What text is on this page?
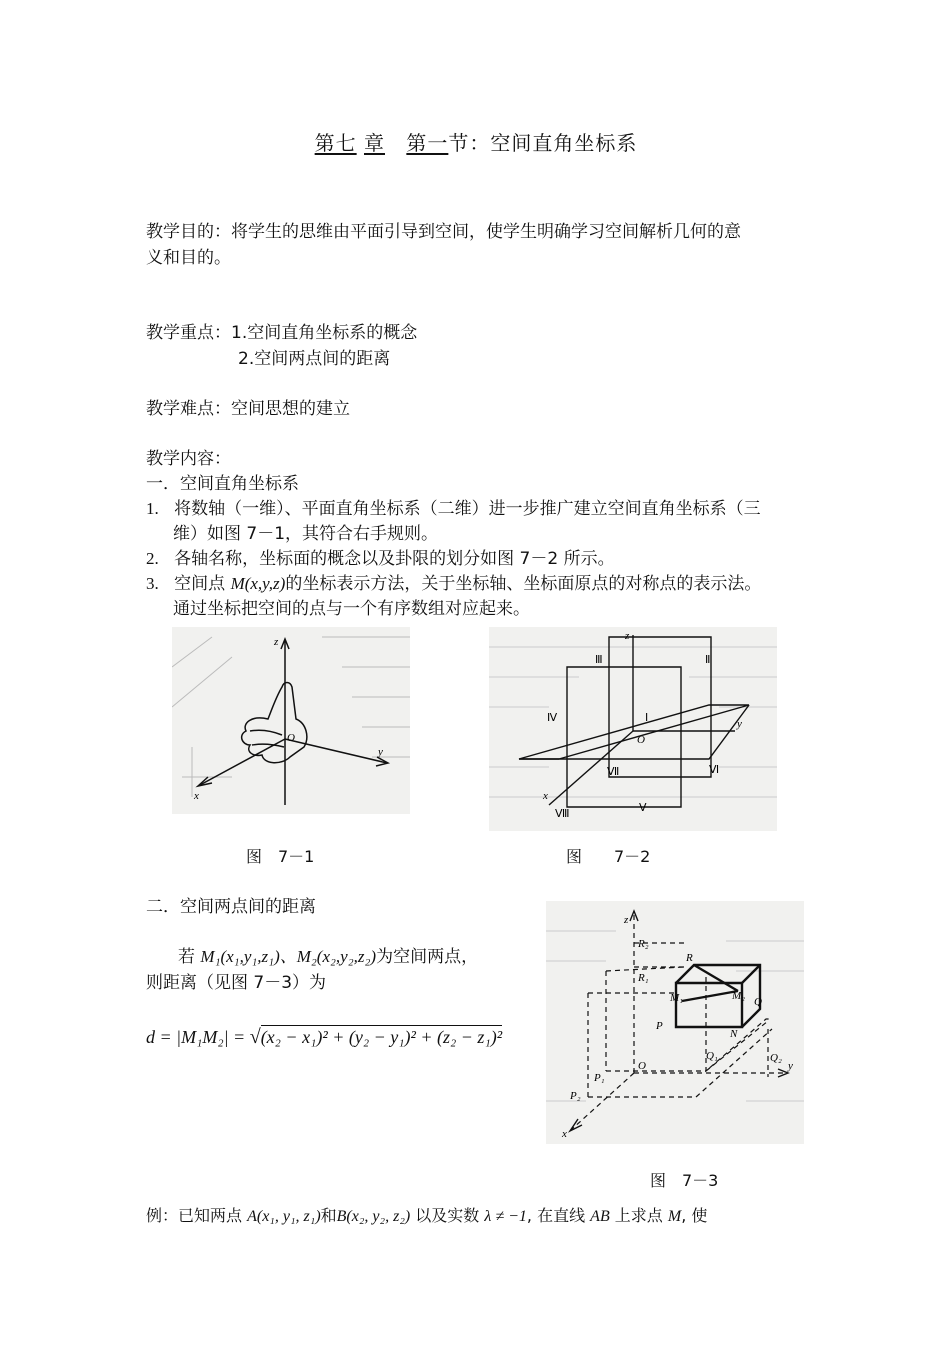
第七 章 第一节：空间直角坐标系
教学目的：将学生的思维由平面引导到空间，使学生明确学习空间解析几何的意
义和目的。
教学重点：1.空间直角坐标系的概念
2.空间两点间的距离
教学难点：空间思想的建立
教学内容：
一．空间直角坐标系
1. 将数轴（一维）、平面直角坐标系（二维）进一步推广建立空间直角坐标系（三
维）如图 7－1，其符合右手规则。
2. 各轴名称，坐标面的概念以及卦限的划分如图 7－2 所示。
3. 空间点 M(x,y,z)的坐标表示方法，关于坐标轴、坐标面原点的对称点的表示法。
通过坐标把空间的点与一个有序数组对应起来。
z
y
x
O
图　7－1
z
y
x
O
Ⅲ	Ⅱ
Ⅳ	Ⅰ
Ⅶ	Ⅵ
Ⅷ	Ⅴ
图　　7－2
二．空间两点间的距离
若 M₁(x₁,y₁,z₁)、M₂(x₂,y₂,z₂)为空间两点，
则距离（见图 7－3）为
d = |M₁M₂| = √(x₂ − x₁)² + (y₂ − y₁)² + (z₂ − z₁)²
z
y
x
O
R₂
R₁
R
M₁	M₂ Q
P
N
Q₁	Q₂
P₁
P₂
图　7－3
例：已知两点 A(x₁, y₁, z₁)和B(x₂, y₂, z₂) 以及实数 λ ≠ −1, 在直线 AB 上求点 M, 使
